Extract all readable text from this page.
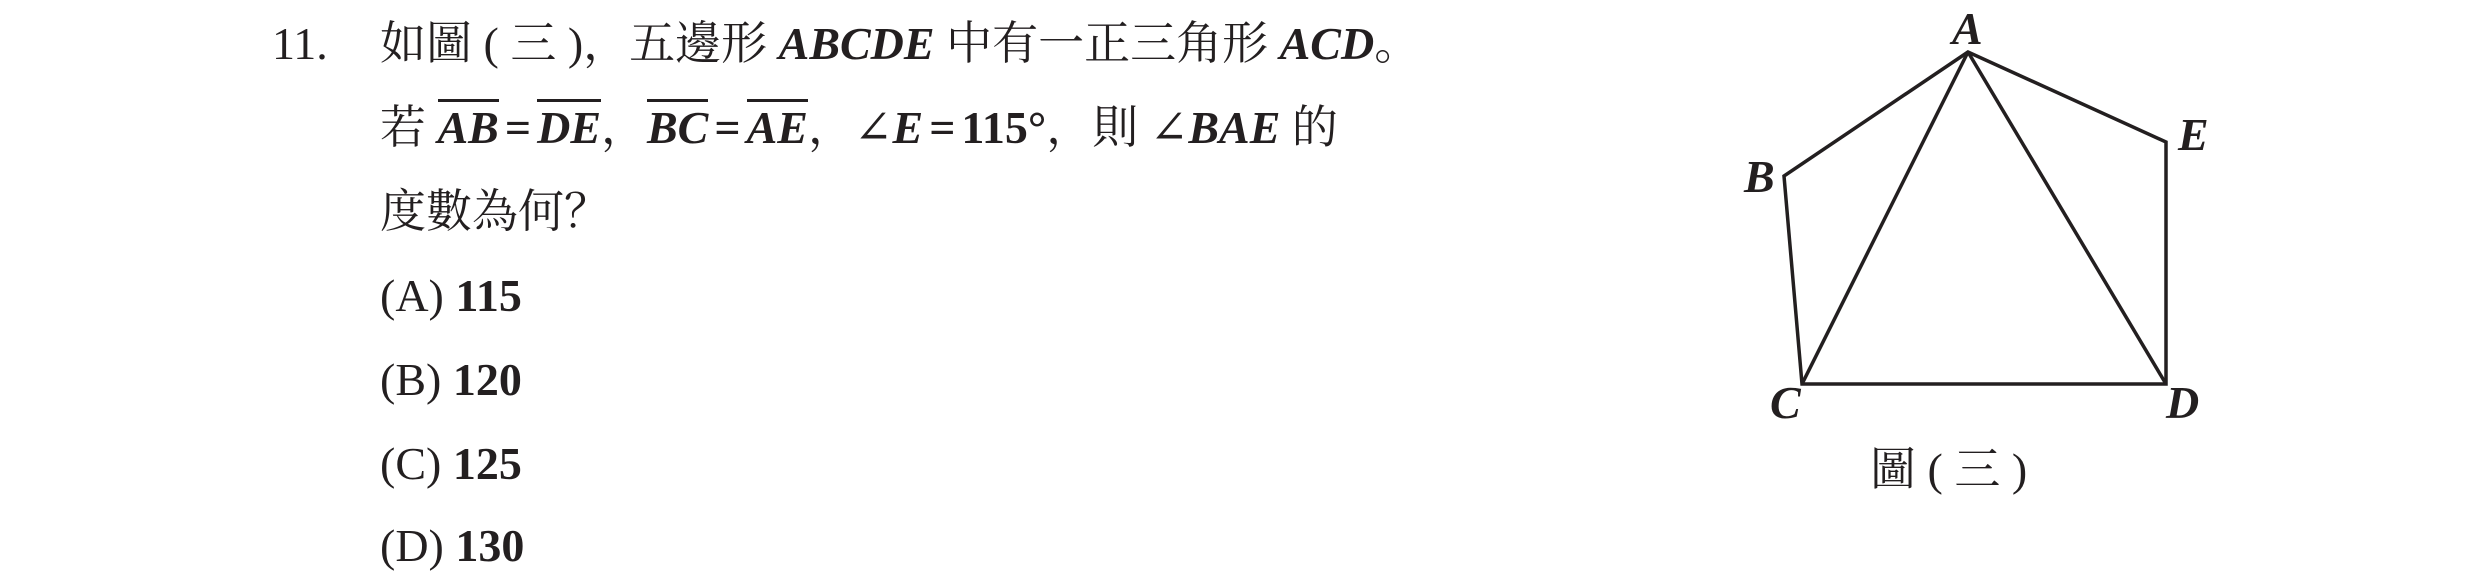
11. 如圖 ( 三 )，五邊形 ABCDE 中有一正三角形 ACD。
若 AB = DE，BC = AE，∠E = 115°，則 ∠BAE 的
度數為何？
(A) 115
(B) 120
(C) 125
(D) 130
A
B
C	D
E
圖 ( 三 )
